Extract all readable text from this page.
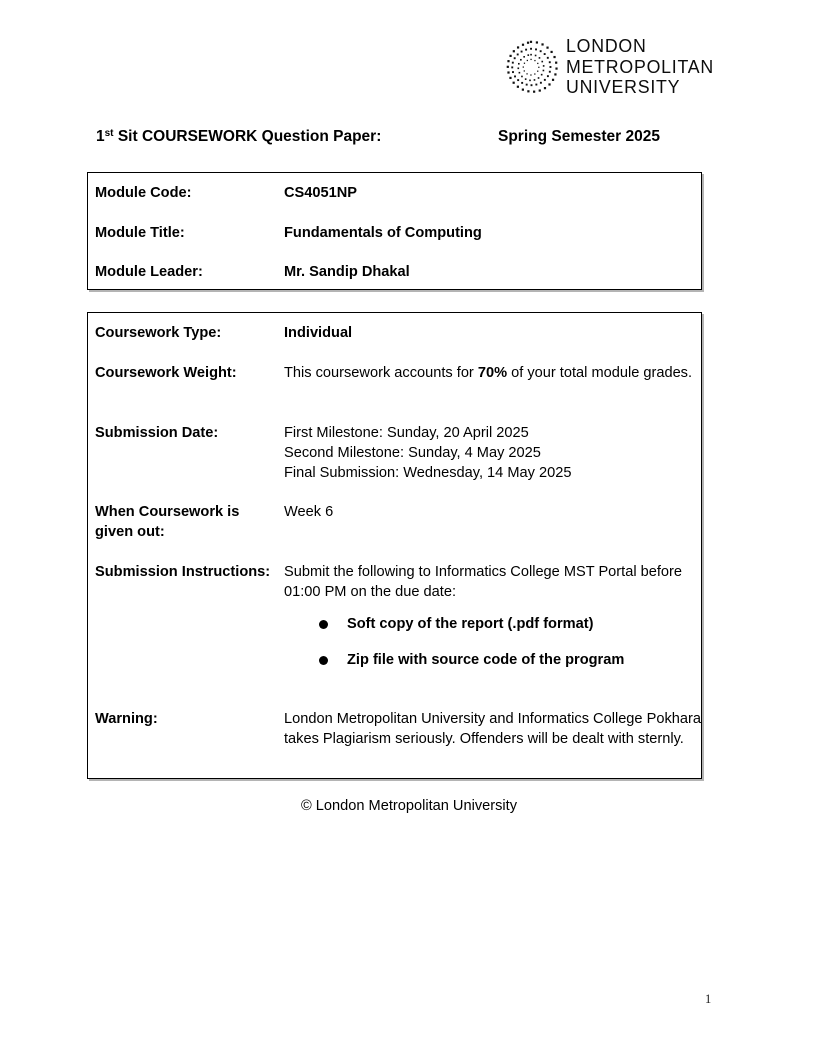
LONDON
METROPOLITAN
UNIVERSITY
1st Sit COURSEWORK Question Paper:	Spring Semester 2025
Module Code:	CS4051NP
Module Title:	Fundamentals of Computing
Module Leader:	Mr. Sandip Dhakal
Coursework Type:	Individual
Coursework Weight:	This coursework accounts for 70% of your total module grades.
Submission Date:	First Milestone: Sunday, 20 April 2025
Second Milestone: Sunday, 4 May 2025
Final Submission: Wednesday, 14 May 2025
When Coursework is given out:
Week 6
Submission Instructions: Submit the following to Informatics College MST Portal before 01:00 PM on the due date:
Soft copy of the report (.pdf format)
Zip file with source code of the program
Warning:	London Metropolitan University and Informatics College Pokhara takes Plagiarism seriously. Offenders will be dealt with sternly.
© London Metropolitan University
1
